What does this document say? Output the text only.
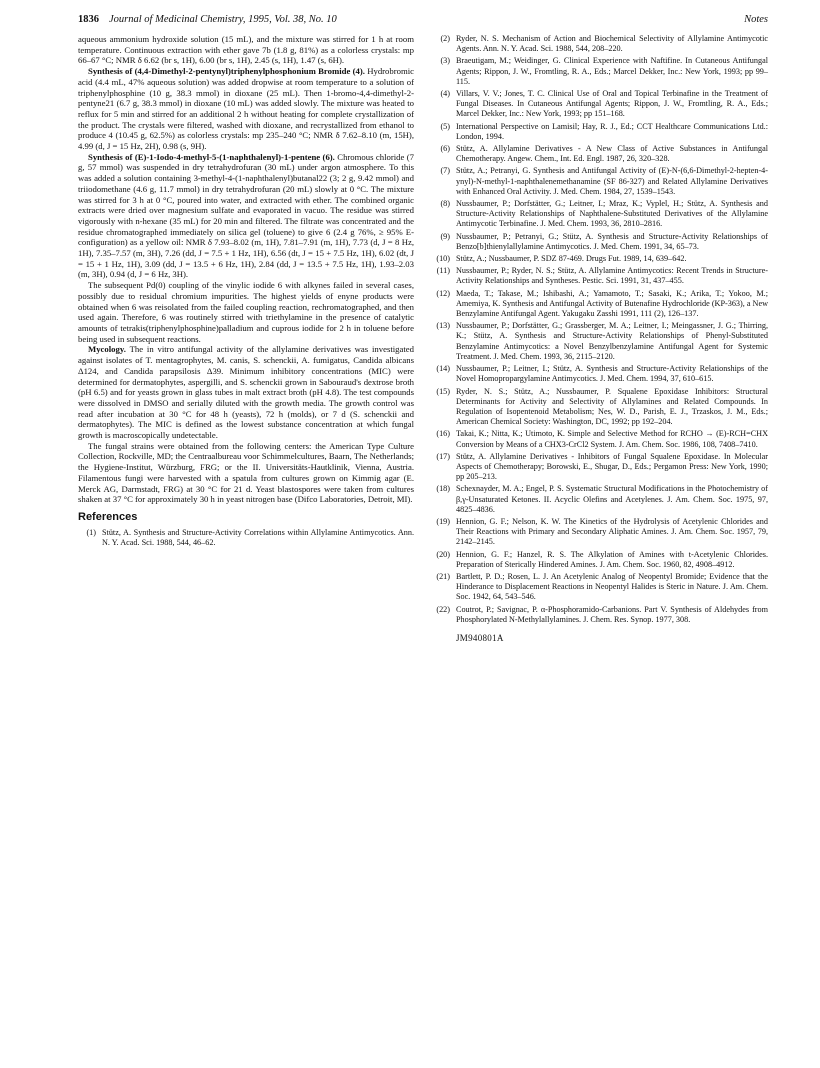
1836 Journal of Medicinal Chemistry, 1995, Vol. 38, No. 10	Notes

aqueous ammonium hydroxide solution (15 mL), and the mixture was stirred for 1 h at room temperature. Continuous extraction with ether gave 7b (1.8 g, 81%) as a colorless crystals: mp 66–67 °C; NMR δ 6.62 (br s, 1H), 6.00 (br s, 1H), 2.45 (s, 1H), 1.47 (s, 6H).

Synthesis of (4,4-Dimethyl-2-pentynyl)triphenylphosphonium Bromide (4). Hydrobromic acid (4.4 mL, 47% aqueous solution) was added dropwise at room temperature to a solution of triphenylphosphine (10 g, 38.3 mmol) in dioxane (25 mL). Then 1-bromo-4,4-dimethyl-2-pentyne21 (6.7 g, 38.3 mmol) in dioxane (10 mL) was added slowly. The mixture was heated to reflux for 5 min and stirred for an additional 2 h without heating for complete crystallization of the product. The crystals were filtered, washed with dioxane, and recrystallized from ethanol to produce 4 (10.45 g, 62.5%) as colorless crystals: mp 235–240 °C; NMR δ 7.62–8.10 (m, 15H), 4.99 (d, J = 15 Hz, 2H), 0.98 (s, 9H).

Synthesis of (E)-1-Iodo-4-methyl-5-(1-naphthalenyl)-1-pentene (6). Chromous chloride (7 g, 57 mmol) was suspended in dry tetrahydrofuran (30 mL) under argon atmosphere. To this was added a solution containing 3-methyl-4-(1-naphthalenyl)butanal22 (3; 2 g, 9.42 mmol) and triiodomethane (4.6 g, 11.7 mmol) in dry tetrahydrofuran (20 mL) slowly at 0 °C. The mixture was stirred for 3 h at 0 °C, poured into water, and extracted with ether. The combined organic extracts were dried over magnesium sulfate and evaporated in vacuo. The residue was stirred vigorously with n-hexane (35 mL) for 20 min and filtered. The filtrate was concentrated and the residue chromatographed immediately on silica gel (toluene) to give 6 (2.4 g 76%, ≥ 95% E-configuration) as a yellow oil: NMR δ 7.93–8.02 (m, 1H), 7.81–7.91 (m, 1H), 7.73 (d, J = 8 Hz, 1H), 7.35–7.57 (m, 3H), 7.26 (dd, J = 7.5 + 1 Hz, 1H), 6.56 (dt, J = 15 + 7.5 Hz, 1H), 6.02 (dt, J = 15 + 1 Hz, 1H), 3.09 (dd, J = 13.5 + 6 Hz, 1H), 2.84 (dd, J = 13.5 + 7.5 Hz, 1H), 1.93–2.03 (m, 3H), 0.94 (d, J = 6 Hz, 3H).

The subsequent Pd(0) coupling of the vinylic iodide 6 with alkynes failed in several cases, possibly due to residual chromium impurities. The highest yields of enyne products were obtained when 6 was reisolated from the failed coupling reaction, rechromatographed, and then used again. Therefore, 6 was routinely stirred with triethylamine in the presence of catalytic amounts of tetrakis(triphenylphosphine)palladium and cuprous iodide for 2 h in toluene before being used in subsequent reactions.

Mycology. The in vitro antifungal activity of the allylamine derivatives was investigated against isolates of T. mentagrophytes, M. canis, S. schenckii, A. fumigatus, Candida albicans Δ124, and Candida parapsilosis Δ39. Minimum inhibitory concentrations (MIC) were determined for dermatophytes, aspergilli, and S. schenckii grown in Sabouraud's dextrose broth (pH 6.5) and for yeasts grown in glass tubes in malt extract broth (pH 4.8). The test compounds were dissolved in DMSO and serially diluted with the growth media. The growth control was read after incubation at 30 °C for 48 h (yeasts), 72 h (molds), or 7 d (S. schenckii and dermatophytes). The MIC is defined as the lowest substance concentration at which fungal growth is macroscopically undetectable.

The fungal strains were obtained from the following centers: the American Type Culture Collection, Rockville, MD; the Centraalbureau voor Schimmelcultures, Baarn, The Netherlands; the Hygiene-Institut, Würzburg, FRG; or the II. Universitäts-Hautklinik, Vienna, Austria. Filamentous fungi were harvested with a spatula from cultures grown on Kimmig agar (E. Merck AG, Darmstadt, FRG) at 30 °C for 21 d. Yeast blastospores were taken from cultures shaken at 37 °C for approximately 30 h in yeast nitrogen base (Difco Laboratories, Detroit, MI).

References
(1) Stütz, A. Synthesis and Structure-Activity Correlations within Allylamine Antimycotics. Ann. N. Y. Acad. Sci. 1988, 544, 46–62.
(2) Ryder, N. S. Mechanism of Action and Biochemical Selectivity of Allylamine Antimycotic Agents. Ann. N. Y. Acad. Sci. 1988, 544, 208–220.
(3) Braeutigam, M.; Weidinger, G. Clinical Experience with Naftifine. In Cutaneous Antifungal Agents; Rippon, J. W., Fromtling, R. A., Eds.; Marcel Dekker, Inc.: New York, 1993; pp 99–115.
(4) Villars, V. V.; Jones, T. C. Clinical Use of Oral and Topical Terbinafine in the Treatment of Fungal Diseases. In Cutaneous Antifungal Agents; Rippon, J. W., Fromtling, R. A., Eds.; Marcel Dekker, Inc.: New York, 1993; pp 151–168.
(5) International Perspective on Lamisil; Hay, R. J., Ed.; CCT Healthcare Communications Ltd.: London, 1994.
(6) Stütz, A. Allylamine Derivatives - A New Class of Active Substances in Antifungal Chemotherapy. Angew. Chem., Int. Ed. Engl. 1987, 26, 320–328.
(7) Stütz, A.; Petranyi, G. Synthesis and Antifungal Activity of (E)-N-(6,6-Dimethyl-2-hepten-4-ynyl)-N-methyl-1-naphthalenemethanamine (SF 86-327) and Related Allylamine Derivatives with Enhanced Oral Activity. J. Med. Chem. 1984, 27, 1539–1543.
(8) Nussbaumer, P.; Dorfstätter, G.; Leitner, I.; Mraz, K.; Vyplel, H.; Stütz, A. Synthesis and Structure-Activity Relationships of Naphthalene-Substituted Derivatives of the Allylamine Antimycotic Terbinafine. J. Med. Chem. 1993, 36, 2810–2816.
(9) Nussbaumer, P.; Petranyi, G.; Stütz, A. Synthesis and Structure-Activity Relationships of Benzo[b]thienylallylamine Antimycotics. J. Med. Chem. 1991, 34, 65–73.
(10) Stütz, A.; Nussbaumer, P. SDZ 87-469. Drugs Fut. 1989, 14, 639–642.
(11) Nussbaumer, P.; Ryder, N. S.; Stütz, A. Allylamine Antimycotics: Recent Trends in Structure-Activity Relationships and Syntheses. Pestic. Sci. 1991, 31, 437–455.
(12) Maeda, T.; Takase, M.; Ishibashi, A.; Yamamoto, T.; Sasaki, K.; Arika, T.; Yokoo, M.; Amemiya, K. Synthesis and Antifungal Activity of Butenafine Hydrochloride (KP-363), a New Benzylamine Antifungal Agent. Yakugaku Zasshi 1991, 111 (2), 126–137.
(13) Nussbaumer, P.; Dorfstätter, G.; Grassberger, M. A.; Leitner, I.; Meingassner, J. G.; Thirring, K.; Stütz, A. Synthesis and Structure-Activity Relationships of Phenyl-Substituted Benzylamine Antimycotics: a Novel Benzylbenzylamine Antifungal Agent for Systemic Treatment. J. Med. Chem. 1993, 36, 2115–2120.
(14) Nussbaumer, P.; Leitner, I.; Stütz, A. Synthesis and Structure-Activity Relationships of the Novel Homopropargylamine Antimycotics. J. Med. Chem. 1994, 37, 610–615.
(15) Ryder, N. S.; Stütz, A.; Nussbaumer, P. Squalene Epoxidase Inhibitors: Structural Determinants for Activity and Selectivity of Allylamines and Related Compounds. In Regulation of Isopentenoid Metabolism; Nes, W. D., Parish, E. J., Trzaskos, J. M., Eds.; American Chemical Society: Washington, DC, 1992; pp 192–204.
(16) Takai, K.; Nitta, K.; Utimoto, K. Simple and Selective Method for RCHO → (E)-RCH=CHX Conversion by Means of a CHX3-CrCl2 System. J. Am. Chem. Soc. 1986, 108, 7408–7410.
(17) Stütz, A. Allylamine Derivatives - Inhibitors of Fungal Squalene Epoxidase. In Molecular Aspects of Chemotherapy; Borowski, E., Shugar, D., Eds.; Pergamon Press: New York, 1990; pp 205–213.
(18) Schexnayder, M. A.; Engel, P. S. Systematic Structural Modifications in the Photochemistry of β,γ-Unsaturated Ketones. II. Acyclic Olefins and Acetylenes. J. Am. Chem. Soc. 1975, 97, 4825–4836.
(19) Hennion, G. F.; Nelson, K. W. The Kinetics of the Hydrolysis of Acetylenic Chlorides and Their Reactions with Primary and Secondary Aliphatic Amines. J. Am. Chem. Soc. 1957, 79, 2142–2145.
(20) Hennion, G. F.; Hanzel, R. S. The Alkylation of Amines with t-Acetylenic Chlorides. Preparation of Sterically Hindered Amines. J. Am. Chem. Soc. 1960, 82, 4908–4912.
(21) Bartlett, P. D.; Rosen, L. J. An Acetylenic Analog of Neopentyl Bromide; Evidence that the Hinderance to Displacement Reactions in Neopentyl Halides is Steric in Nature. J. Am. Chem. Soc. 1942, 64, 543–546.
(22) Coutrot, P.; Savignac, P. α-Phosphoramido-Carbanions. Part V. Synthesis of Aldehydes from Phosphorylated N-Methylallylamines. J. Chem. Res. Synop. 1977, 308.
JM940801A
